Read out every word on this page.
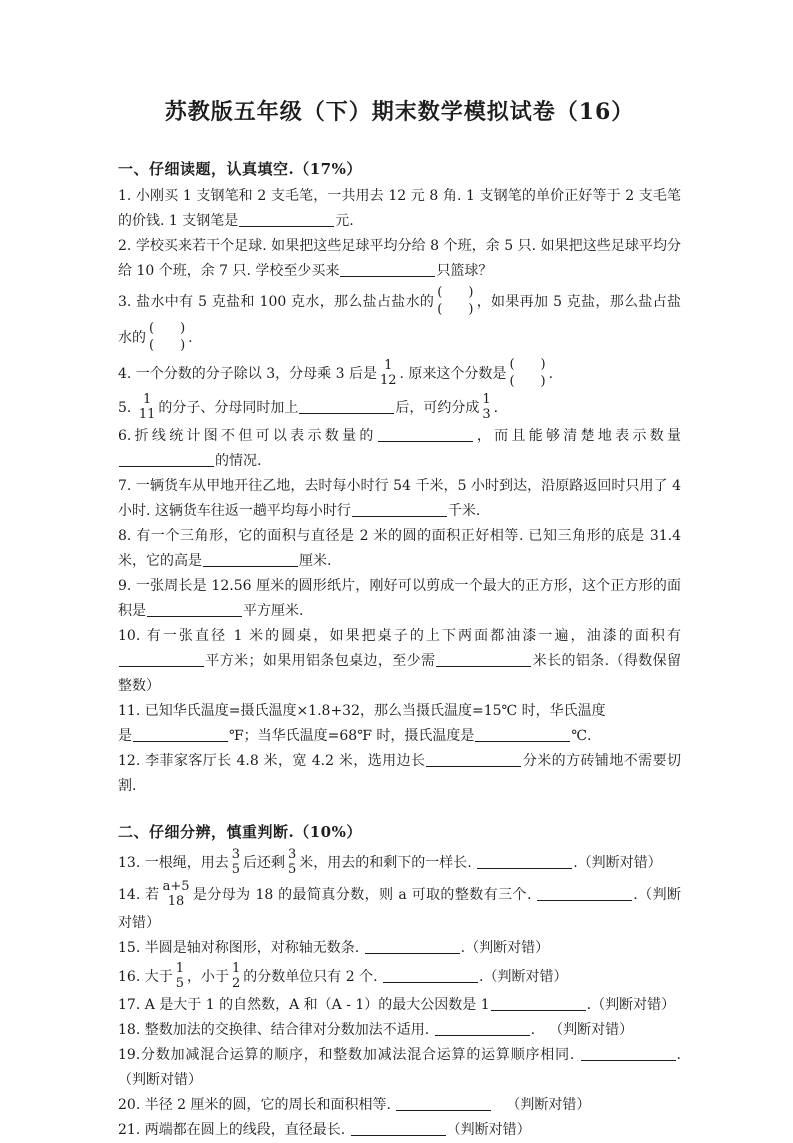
苏教版五年级（下）期末数学模拟试卷（16）
一、仔细读题，认真填空.（17%）

1. 小刚买 1 支钢笔和 2 支毛笔，一共用去 12 元 8 角. 1 支钢笔的单价正好等于 2 支毛笔的价钱. 1 支钢笔是	元.

2. 学校买来若干个足球. 如果把这些足球平均分给 8 个班，余 5 只. 如果把这些足球平均分给 10 个班，余 7 只. 学校至少买来	只篮球？

3. 盐水中有 5 克盐和 100 克水，那么盐占盐水的
(  )
(  ) ，如果再加 5 克盐，那么盐占盐水的
(  )
(  ) .

4. 一个分数的分子除以 3，分母乘 3 后是
1
12 . 原来这个分数是
(  )
(  ) .

5.
1
11 的分子、分母同时加上	后，可约分成
1
3 .

6.折线统计图不但可以表示数量的	，而且能够清楚地表示数量的情况.

7. 一辆货车从甲地开往乙地，去时每小时行 54 千米，5 小时到达，沿原路返回时只用了 4 小时. 这辆货车往返一趟平均每小时行	千米.

8. 有一个三角形，它的面积与直径是 2 米的圆的面积正好相等. 已知三角形的底是 31.4 米，它的高是	厘米.

9. 一张周长是 12.56 厘米的圆形纸片，刚好可以剪成一个最大的正方形，这个正方形的面积是	平方厘米.

10. 有一张直径 1 米的圆桌，如果把桌子的上下两面都油漆一遍，油漆的面积有平方米；如果用铝条包桌边，至少需	米长的铝条.（得数保留整数）

11. 已知华氏温度=摄氏温度×1.8+32，那么当摄氏温度=15℃ 时，华氏温度
是	℉；当华氏温度=68℉ 时，摄氏温度是	℃.

12. 李菲家客厅长 4.8 米，宽 4.2 米，选用边长	分米的方砖铺地不需要切割.

二、仔细分辨，慎重判断.（10%）

13. 一根绳，用去
3
5 后还剩
3
5 米，用去的和剩下的一样长.	.（判断对错）

14. 若
a+5
18 是分母为 18 的最简真分数，则 a 可取的整数有三个.	.（判断对错）

15. 半圆是轴对称图形，对称轴无数条.	.（判断对错）

16. 大于
1
5 ，小于
1
2 的分数单位只有 2 个.	.（判断对错）

17. A 是大于 1 的自然数，A 和（A - 1）的最大公因数是 1	.（判断对错）

18. 整数加法的交换律、结合律对分数加法不适用.	. （判断对错）

19.分数加减混合运算的顺序，和整数加减法混合运算的运算顺序相同.	.（判断对错）

20. 半径 2 厘米的圆，它的周长和面积相等.	 （判断对错）

21. 两端都在圆上的线段，直径最长.	（判断对错）
